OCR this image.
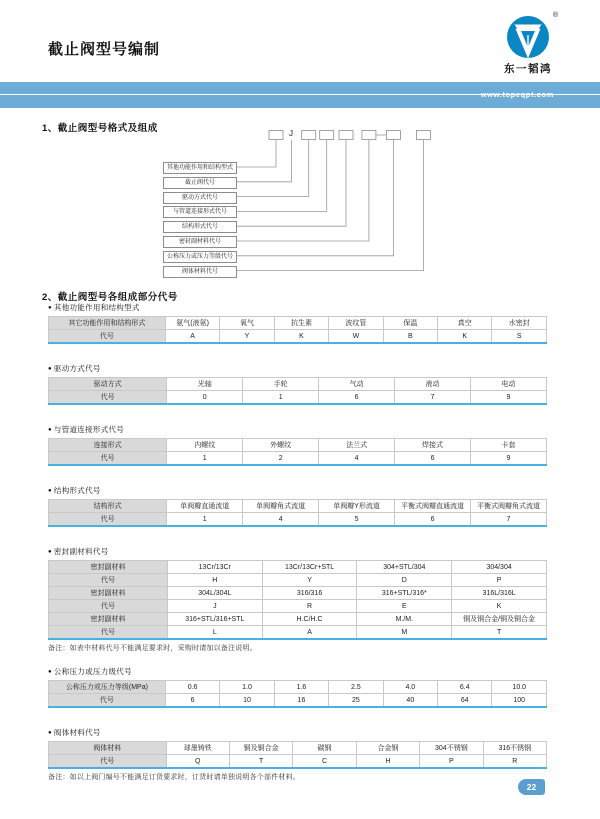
截止阀型号编制
®
东一韬鸿
www.topeqpt.com
1、截止阀型号格式及组成
其他功能作用和结构型式
截止阀代号
驱动方式代号
与管道连接形式代号
结构形式代号
密封副材料代号
公称压力或压力等级代号
阀体材料代号
J
2、截止阀型号各组成部分代号
● 其他功能作用和结构型式
其它功能作用和结构形式	氨气(液氨)	氧气	抗生素	波纹管	保温	真空	水密封
代号	A	Y	K	W	B	K	S
● 驱动方式代号
驱动方式	光轴	手轮	气动	液动	电动
代号	0	1	6	7	9
● 与管道连接形式代号
连接形式	内螺纹	外螺纹	法兰式	焊接式	卡套
代号	1	2	4	6	9
● 结构形式代号
结构形式	单阀瓣直通流道	单阀瓣角式流道	单阀瓣Y形流道	平衡式阀瓣直通流道	平衡式阀瓣角式流道
代号	1	4	5	6	7
● 密封副材料代号
密封副材料	13Cr/13Cr	13Cr/13Cr+STL	304+STL/304	304/304
代号	H	Y	D	P
密封副材料	304L/304L	316/316	316+STL/316*	316L/316L
代号	J	R	E	K
密封副材料	316+STL/316+STL	H.C/H.C	M./M.	铜及铜合金/铜及铜合金
代号	L	A	M	T
备注：如表中材料代号不能满足要求时，采购时请加以备注说明。
● 公称压力或压力级代号
公称压力或压力等级(MPa)	0.6	1.0	1.6	2.5	4.0	6.4	10.0
代号	6	10	16	25	40	64	100
● 阀体材料代号
阀体材料	球墨铸铁	铜及铜合金	碳钢	合金钢	304不锈钢	316不锈钢
代号	Q	T	C	H	P	R
备注：如以上阀门编号不能满足订货要求时，订货时请单独说明各个部件材料。
22
